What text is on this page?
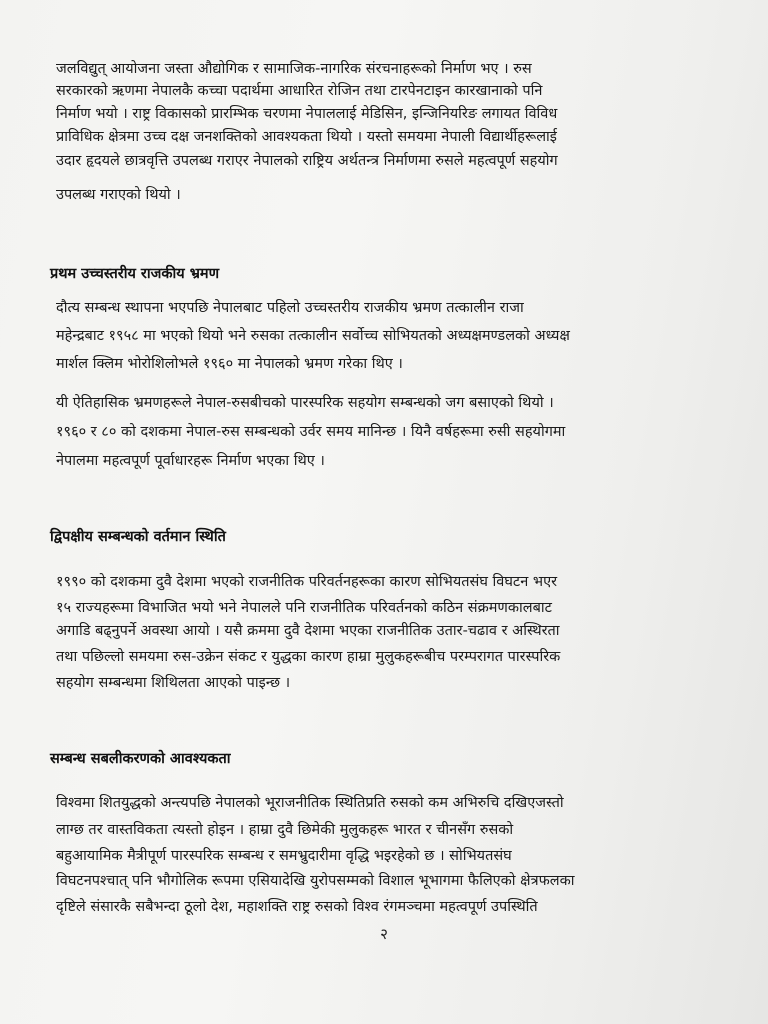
जलविद्युत् आयोजना जस्ता औद्योगिक र सामाजिक-नागरिक संरचनाहरूको निर्माण भए । रुस

सरकारको ऋणमा नेपालकै कच्चा पदार्थमा आधारित रोजिन तथा टारपेनटाइन कारखानाको पनि

निर्माण भयो । राष्ट्र विकासको प्रारम्भिक चरणमा नेपाललाई मेडिसिन, इन्जिनियरिङ लगायत विविध

प्राविधिक क्षेत्रमा उच्च दक्ष जनशक्तिको आवश्यकता थियो । यस्तो समयमा नेपाली विद्यार्थीहरूलाई

उदार हृदयले छात्रवृत्ति उपलब्ध गराएर नेपालको राष्ट्रिय अर्थतन्त्र निर्माणमा रुसले महत्वपूर्ण सहयोग

उपलब्ध गराएको थियो ।

प्रथम उच्चस्तरीय राजकीय भ्रमण

दौत्य सम्बन्ध स्थापना भएपछि नेपालबाट पहिलो उच्चस्तरीय राजकीय भ्रमण तत्कालीन राजा

महेन्द्रबाट १९५८ मा भएको थियो भने रुसका तत्कालीन सर्वोच्च सोभियतको अध्यक्षमण्डलको अध्यक्ष

मार्शल क्लिम भोरोशिलोभले १९६० मा नेपालको भ्रमण गरेका थिए ।

यी ऐतिहासिक भ्रमणहरूले नेपाल-रुसबीचको पारस्परिक सहयोग सम्बन्धको जग बसाएको थियो ।

१९६० र ८० को दशकमा नेपाल-रुस सम्बन्धको उर्वर समय मानिन्छ । यिनै वर्षहरूमा रुसी सहयोगमा

नेपालमा महत्वपूर्ण पूर्वाधारहरू निर्माण भएका थिए ।

द्विपक्षीय सम्बन्धको वर्तमान स्थिति

१९९० को दशकमा दुवै देशमा भएको राजनीतिक परिवर्तनहरूका कारण सोभियतसंघ विघटन भएर

१५ राज्यहरूमा विभाजित भयो भने नेपालले पनि राजनीतिक परिवर्तनको कठिन संक्रमणकालबाट

अगाडि बढ्नुपर्ने अवस्था आयो । यसै क्रममा दुवै देशमा भएका राजनीतिक उतार-चढाव र अस्थिरता

तथा पछिल्लो समयमा रुस-उक्रेन संकट र युद्धका कारण हाम्रा मुलुकहरूबीच परम्परागत पारस्परिक

सहयोग सम्बन्धमा शिथिलता आएको पाइन्छ ।

सम्बन्ध सबलीकरणको आवश्यकता

विश्वमा शितयुद्धको अन्त्यपछि नेपालको भूराजनीतिक स्थितिप्रति रुसको कम अभिरुचि दखिएजस्तो

लाग्छ तर वास्तविकता त्यस्तो होइन । हाम्रा दुवै छिमेकी मुलुकहरू भारत र चीनसँग रुसको

बहुआयामिक मैत्रीपूर्ण पारस्परिक सम्बन्ध र समभ्रुदारीमा वृद्धि भइरहेको छ । सोभियतसंघ

विघटनपश्चात् पनि भौगोलिक रूपमा एसियादेखि युरोपसम्मको विशाल भूभागमा फैलिएको क्षेत्रफलका

दृष्टिले संसारकै सबैभन्दा ठूलो देश, महाशक्ति राष्ट्र रुसको विश्व रंगमञ्चमा महत्वपूर्ण उपस्थिति

२
